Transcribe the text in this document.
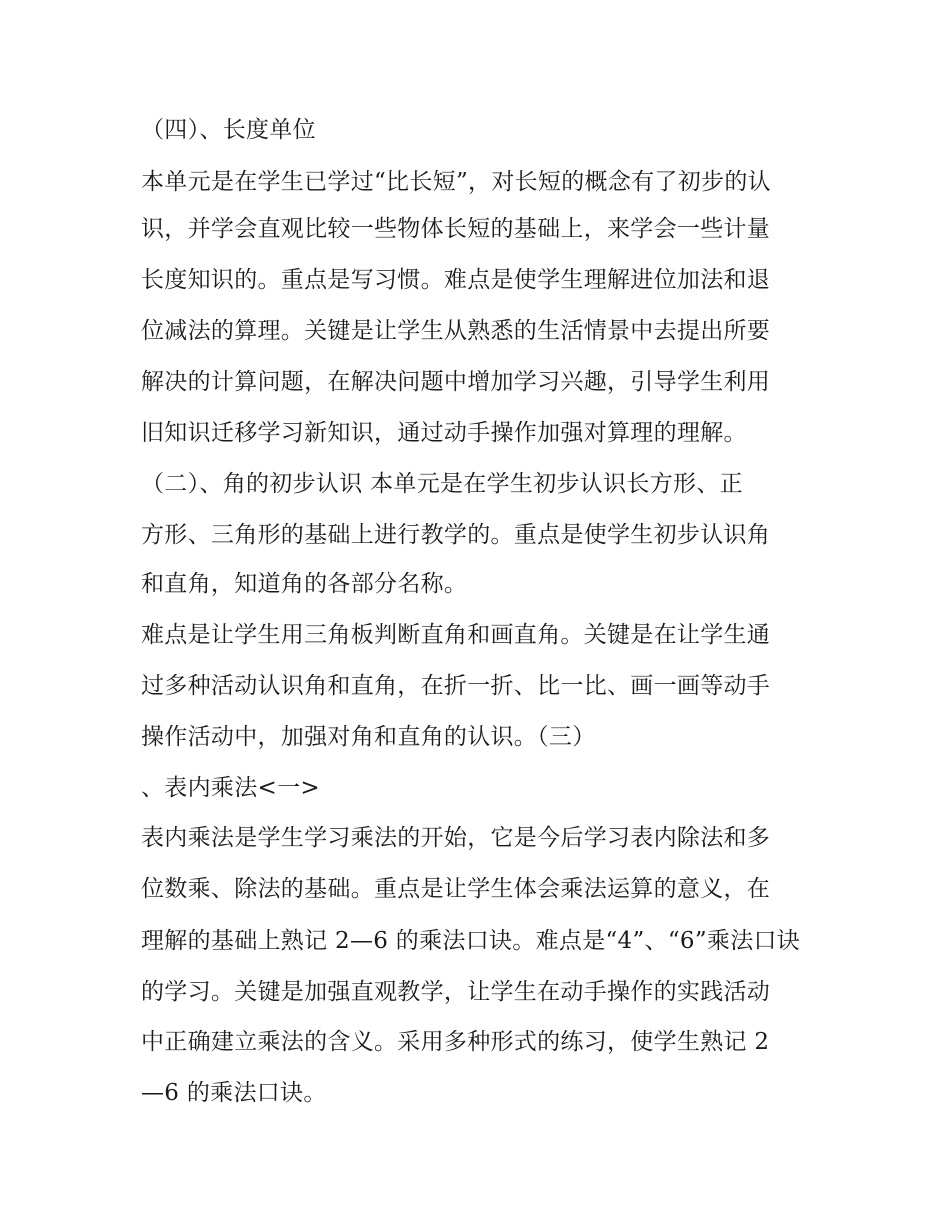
（四）、长度单位

本单元是在学生已学过“比长短”，对长短的概念有了初步的认

识，并学会直观比较一些物体长短的基础上，来学会一些计量

长度知识的。重点是写习惯。难点是使学生理解进位加法和退

位减法的算理。关键是让学生从熟悉的生活情景中去提出所要

解决的计算问题，在解决问题中增加学习兴趣，引导学生利用

旧知识迁移学习新知识，通过动手操作加强对算理的理解。

（二）、角的初步认识 本单元是在学生初步认识长方形、正

方形、三角形的基础上进行教学的。重点是使学生初步认识角

和直角，知道角的各部分名称。

难点是让学生用三角板判断直角和画直角。关键是在让学生通

过多种活动认识角和直角，在折一折、比一比、画一画等动手

操作活动中，加强对角和直角的认识。（三）

、表内乘法<一>

表内乘法是学生学习乘法的开始，它是今后学习表内除法和多

位数乘、除法的基础。重点是让学生体会乘法运算的意义，在

理解的基础上熟记 2—6 的乘法口诀。难点是“4”、“6”乘法口诀

的学习。关键是加强直观教学，让学生在动手操作的实践活动

中正确建立乘法的含义。采用多种形式的练习，使学生熟记 2

—6 的乘法口诀。
